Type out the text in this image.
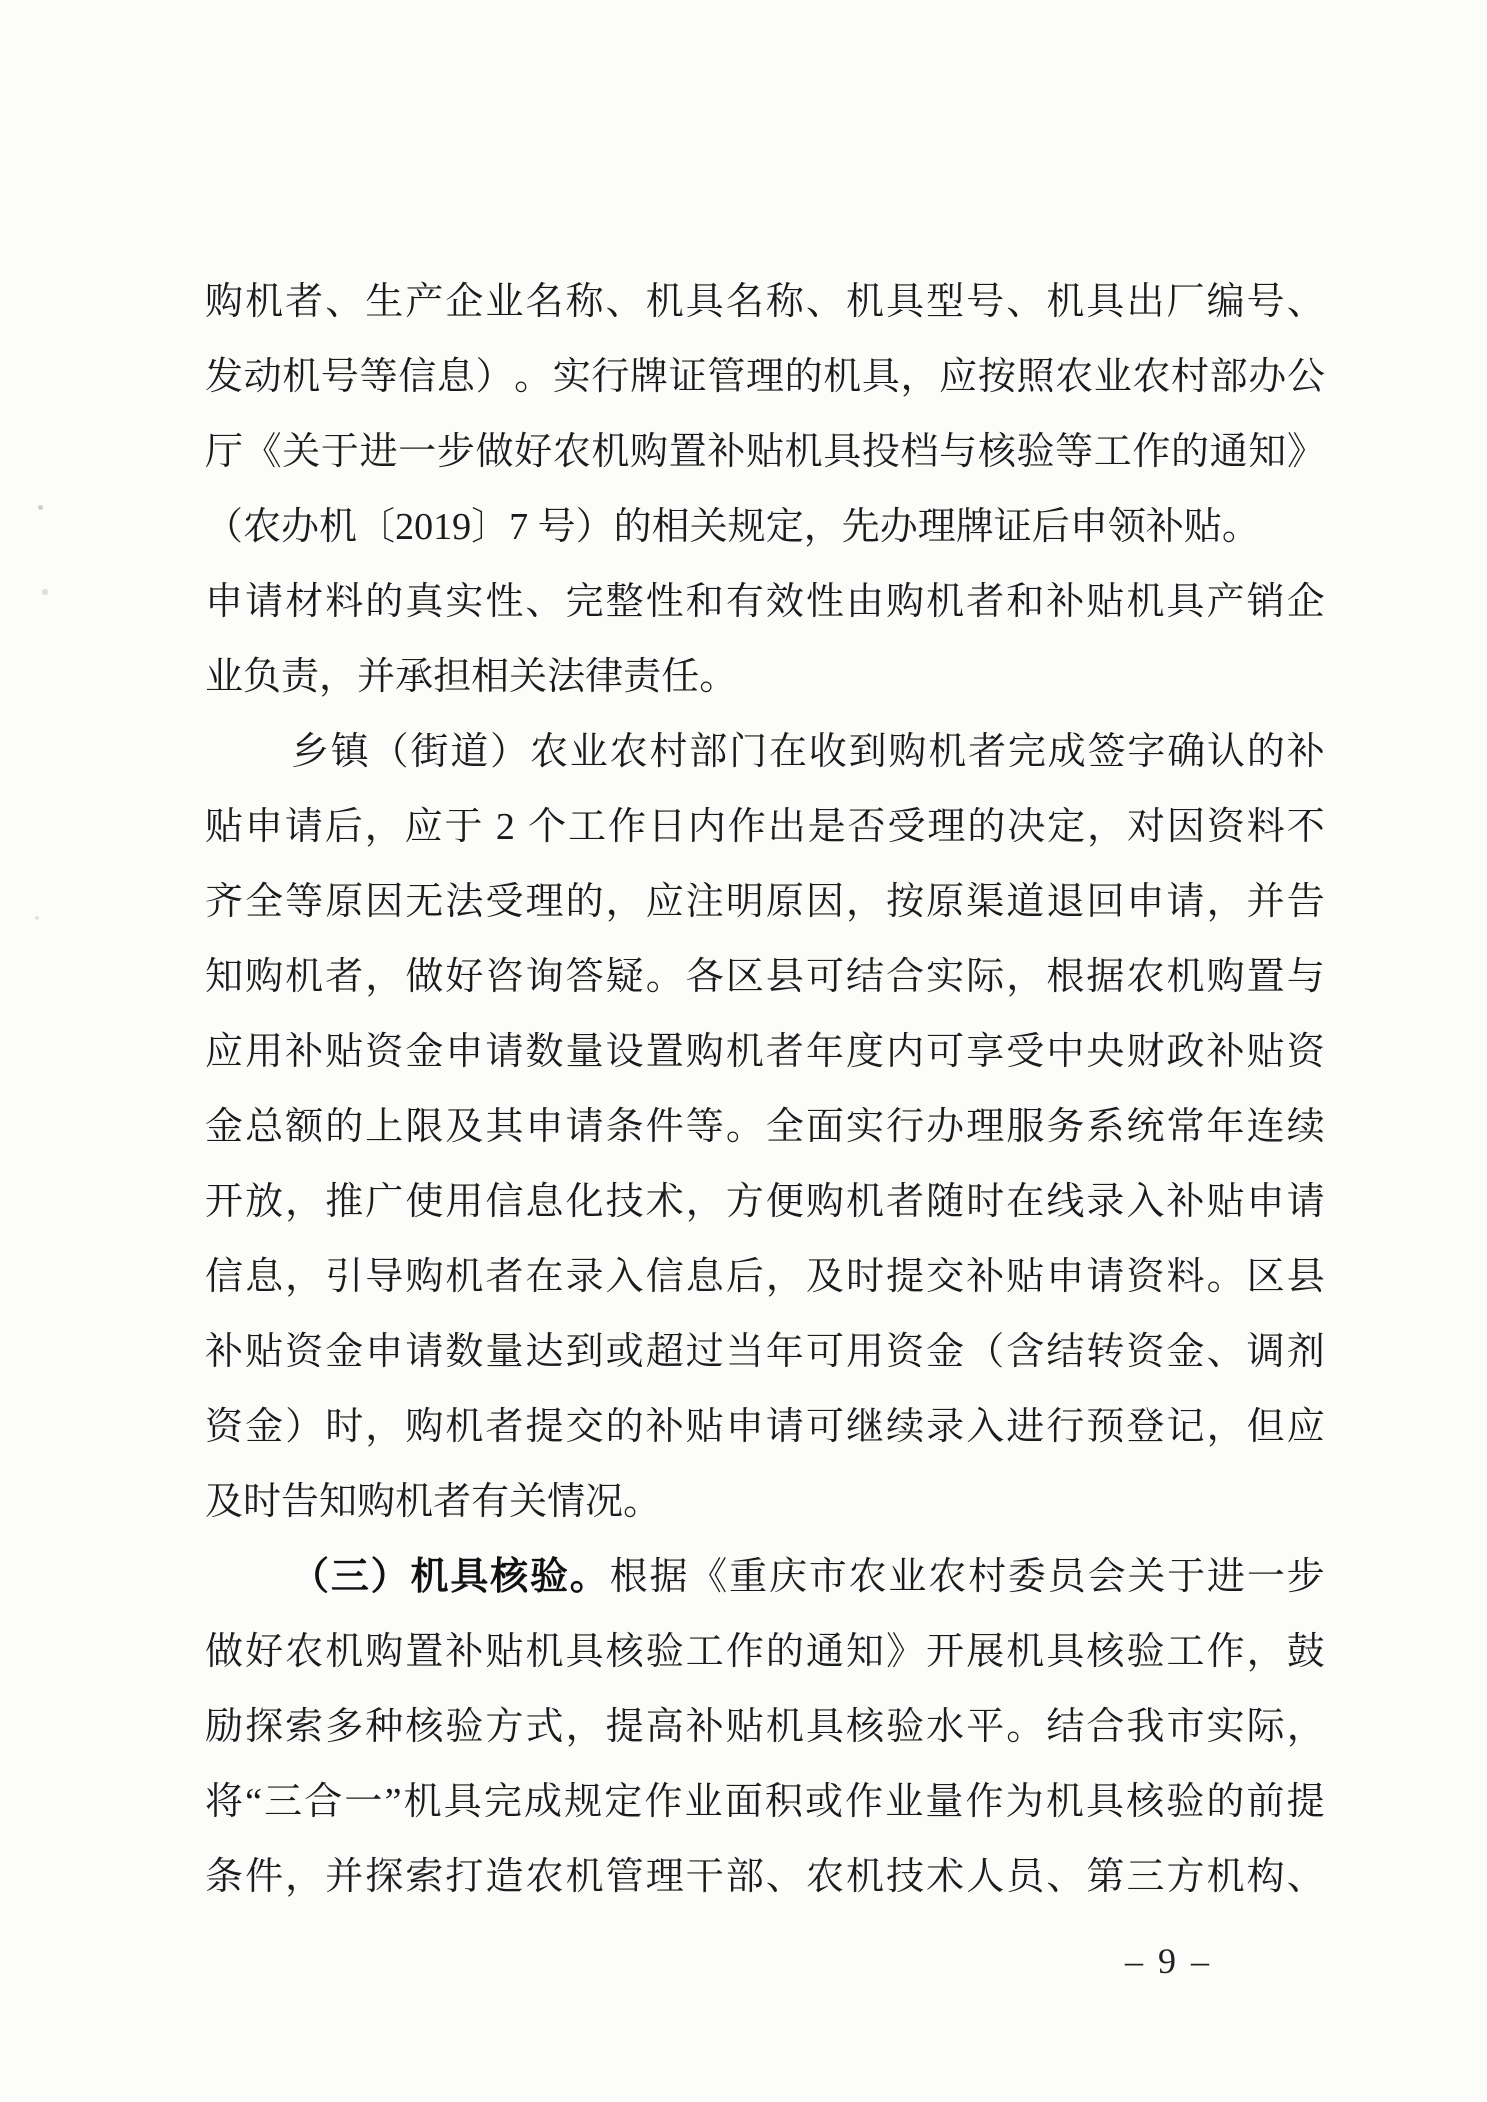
购 机 者 、 生 产 企 业 名 称 、 机 具 名 称 、 机 具 型 号 、 机 具 出 厂 编 号 、
发 动 机 号 等 信 息 ） 。 实 行 牌 证 管 理 的 机 具 ， 应 按 照 农 业 农 村 部 办 公
厅 《 关 于 进 一 步 做 好 农 机 购 置 补 贴 机 具 投 档 与 核 验 等 工 作 的 通 知 》
（ 农 办 机 〔 2 0 1 9 〕 7
号 ） 的 相 关 规 定 ， 先 办 理 牌 证 后 申 领 补 贴 。
申 请 材 料 的 真 实 性 、 完 整 性 和 有 效 性 由 购 机 者 和 补 贴 机 具 产 销 企
业 负 责 ， 并 承 担 相 关 法 律 责 任 。
乡 镇 （ 街 道 ） 农 业 农 村 部 门 在 收 到 购 机 者 完 成 签 字 确 认 的 补
贴 申 请 后 ， 应 于
2
个 工 作 日 内 作 出 是 否 受 理 的 决 定 ， 对 因 资 料 不
齐 全 等 原 因 无 法 受 理 的 ， 应 注 明 原 因 ， 按 原 渠 道 退 回 申 请 ， 并 告
知 购 机 者 ， 做 好 咨 询 答 疑 。 各 区 县 可 结 合 实 际 ， 根 据 农 机 购 置 与
应 用 补 贴 资 金 申 请 数 量 设 置 购 机 者 年 度 内 可 享 受 中 央 财 政 补 贴 资
金 总 额 的 上 限 及 其 申 请 条 件 等 。 全 面 实 行 办 理 服 务 系 统 常 年 连 续
开 放 ， 推 广 使 用 信 息 化 技 术 ， 方 便 购 机 者 随 时 在 线 录 入 补 贴 申 请
信 息 ， 引 导 购 机 者 在 录 入 信 息 后 ， 及 时 提 交 补 贴 申 请 资 料 。 区 县
补 贴 资 金 申 请 数 量 达 到 或 超 过 当 年 可 用 资 金 （ 含 结 转 资 金 、 调 剂
资 金 ） 时 ， 购 机 者 提 交 的 补 贴 申 请 可 继 续 录 入 进 行 预 登 记 ， 但 应
及 时 告 知 购 机 者 有 关 情 况 。
（ 三 ） 机 具 核 验 。 根 据 《 重 庆 市 农 业 农 村 委 员 会 关 于 进 一 步
做 好 农 机 购 置 补 贴 机 具 核 验 工 作 的 通 知 》 开 展 机 具 核 验 工 作 ， 鼓
励 探 索 多 种 核 验 方 式 ， 提 高 补 贴 机 具 核 验 水 平 。 结 合 我 市 实 际 ，
将 “ 三 合 一 ” 机 具 完 成 规 定 作 业 面 积 或 作 业 量 作 为 机 具 核 验 的 前 提
条 件 ， 并 探 索 打 造 农 机 管 理 干 部 、 农 机 技 术 人 员 、 第 三 方 机 构 、
– 9 –
